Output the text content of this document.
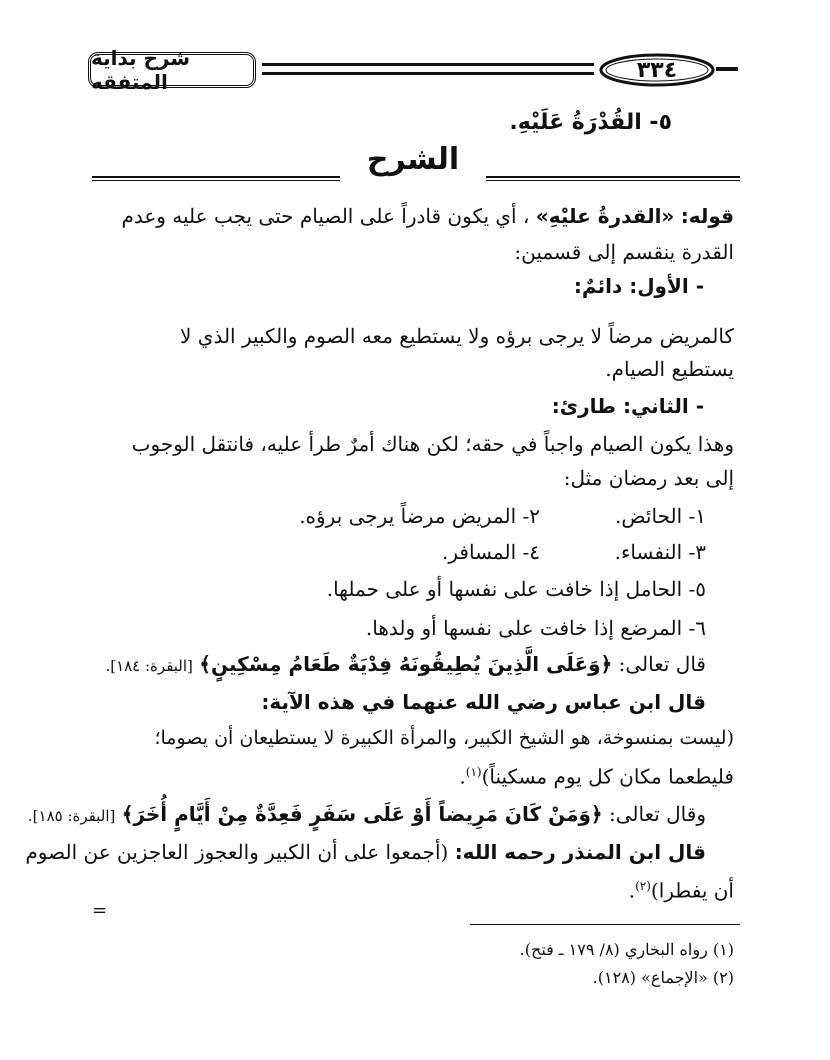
شرح بداية المتفقه	٣٣٤
٥- القُدْرَةُ عَلَيْهِ.
الشرح
قوله: «القدرةُ عليْهِ» ، أي يكون قادراً على الصيام حتى يجب عليه وعدم
القدرة ينقسم إلى قسمين:
- الأول: دائمٌ:
كالمريض مرضاً لا يرجى برؤه ولا يستطيع معه الصوم والكبير الذي لا
يستطيع الصيام.
- الثاني: طارئ:
وهذا يكون الصيام واجباً في حقه؛ لكن هناك أمرٌ طرأ عليه، فانتقل الوجوب
إلى بعد رمضان مثل:
١- الحائض.
٢- المريض مرضاً يرجى برؤه.
٣- النفساء.
٤- المسافر.
٥- الحامل إذا خافت على نفسها أو على حملها.
٦- المرضع إذا خافت على نفسها أو ولدها.
قال تعالى: ﴿وَعَلَى الَّذِينَ يُطِيقُونَهُ فِدْيَةٌ طَعَامُ مِسْكِينٍ﴾ [البقرة: ١٨٤].
قال ابن عباس رضي الله عنهما في هذه الآية:
(ليست بمنسوخة، هو الشيخ الكبير، والمرأة الكبيرة لا يستطيعان أن يصوما؛
فليطعما مكان كل يوم مسكيناً)$^{(١)}$.
وقال تعالى: ﴿وَمَنْ كَانَ مَرِيضاً أَوْ عَلَى سَفَرٍ فَعِدَّةٌ مِنْ أَيَّامٍ أُخَرَ﴾ [البقرة: ١٨٥].
قال ابن المنذر رحمه الله: (أجمعوا على أن الكبير والعجوز العاجزين عن الصوم
أن يفطرا)$^{(٢)}$.
=
(١) رواه البخاري (٨/ ١٧٩ ـ فتح).
(٢) «الإجماع» (١٢٨).
